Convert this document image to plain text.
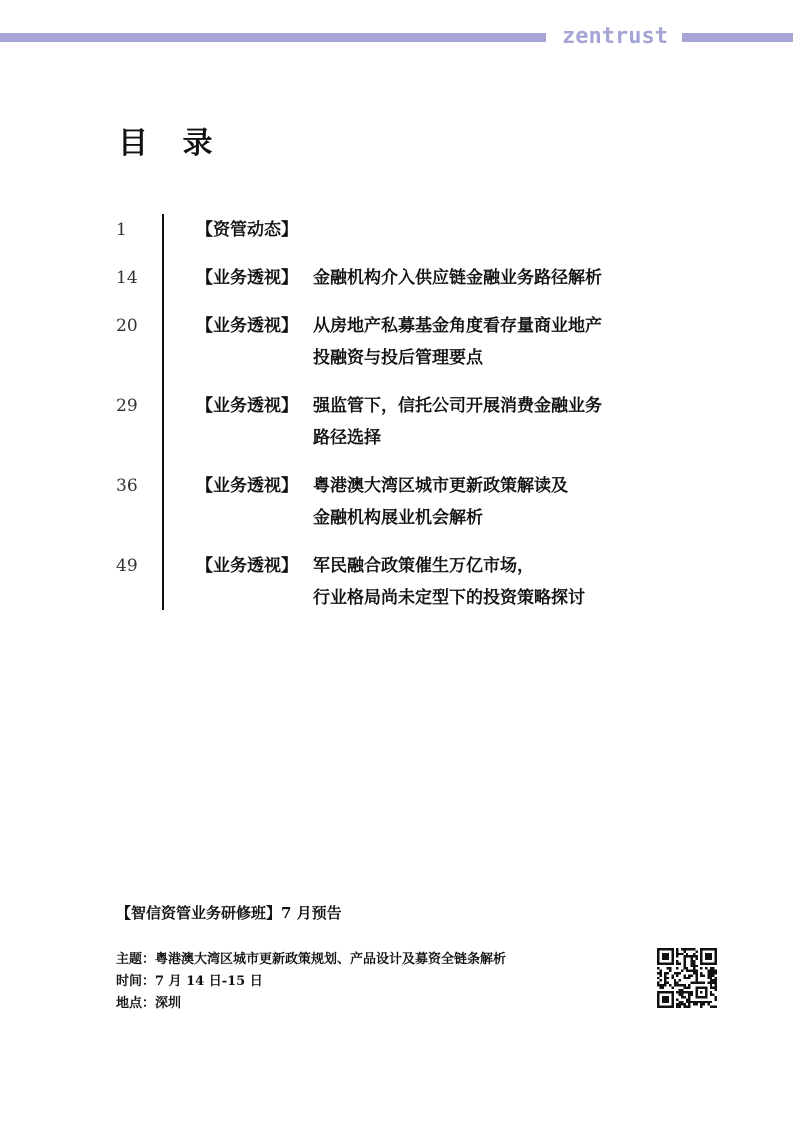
zentrust
目 录
1	【资管动态】
14	【业务透视】 金融机构介入供应链金融业务路径解析
20	【业务透视】 从房地产私募基金角度看存量商业地产
投融资与投后管理要点
29	【业务透视】 强监管下，信托公司开展消费金融业务
路径选择
36	【业务透视】 粤港澳大湾区城市更新政策解读及
金融机构展业机会解析
49	【业务透视】 军民融合政策催生万亿市场，
行业格局尚未定型下的投资策略探讨
【智信资管业务研修班】7 月预告
主题：粤港澳大湾区城市更新政策规划、产品设计及募资全链条解析
时间：7 月 14 日-15 日
地点：深圳
